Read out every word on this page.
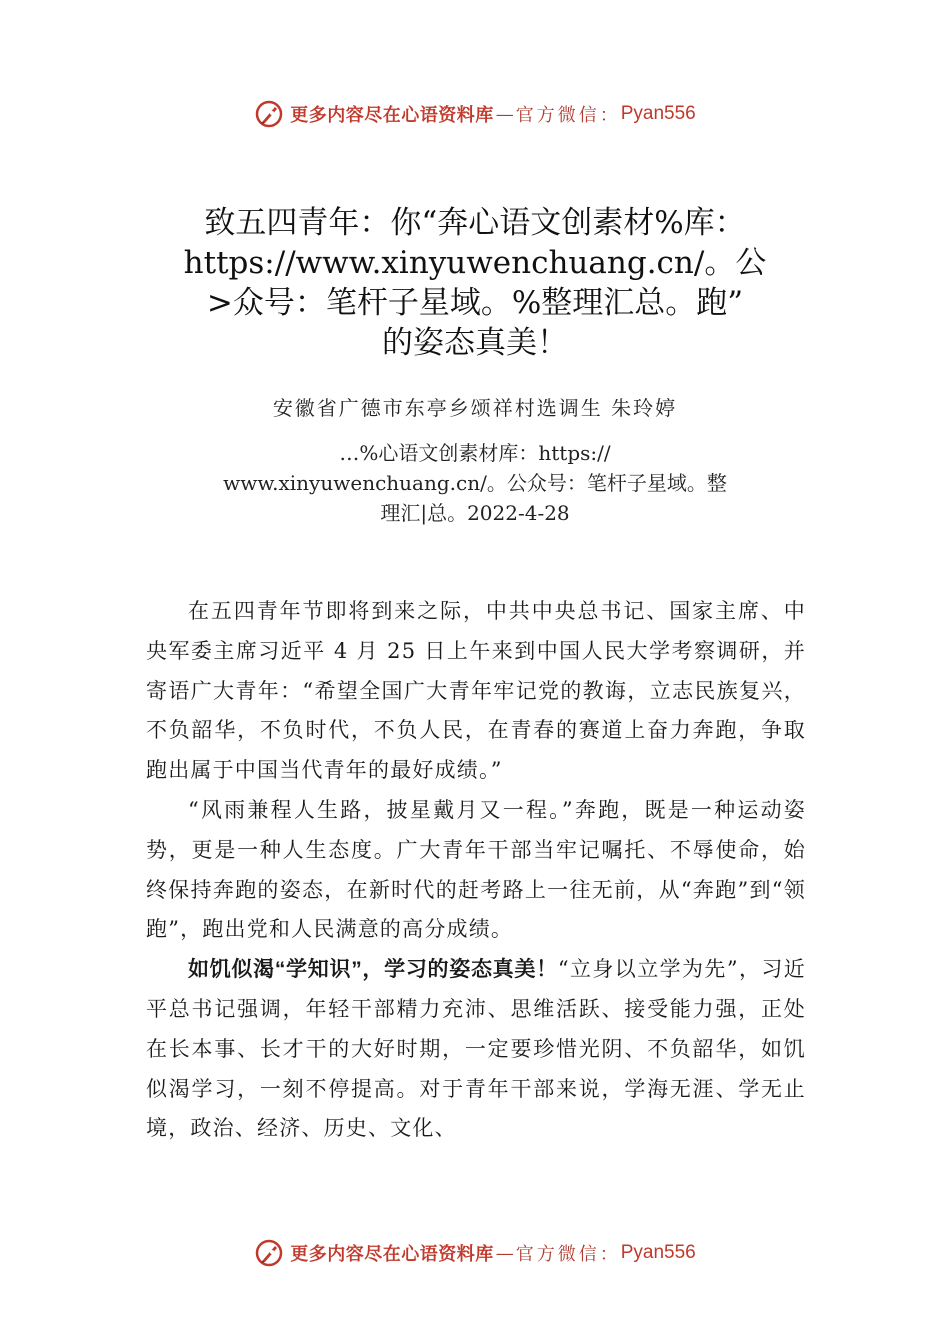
更多内容尽在心语资料库 — 官方微信： Pyan556
致五四青年：你“奔心语文创素材%库：
https://www.xinyuwenchuang.cn/。公
>众号：笔杆子星域。%整理汇总。跑”
的姿态真美！
安徽省广德市东亭乡颂祥村选调生 朱玲婷
…%心语文创素材库：https://
www.xinyuwenchuang.cn/。公众号：笔杆子星域。整
理汇|总。2022-4-28

在五四青年节即将到来之际，中共中央总书记、国家主席、中央军委主席习近平 4 月 25 日上午来到中国人民大学考察调研，并寄语广大青年：“希望全国广大青年牢记党的教诲，立志民族复兴，不负韶华，不负时代，不负人民，在青春的赛道上奋力奔跑，争取跑出属于中国当代青年的最好成绩。”

“风雨兼程人生路，披星戴月又一程。”奔跑，既是一种运动姿势，更是一种人生态度。广大青年干部当牢记嘱托、不辱使命，始终保持奔跑的姿态，在新时代的赶考路上一往无前，从“奔跑”到“领跑”，跑出党和人民满意的高分成绩。

如饥似渴“学知识”，学习的姿态真美！“立身以立学为先”，习近平总书记强调，年轻干部精力充沛、思维活跃、接受能力强，正处在长本事、长才干的大好时期，一定要珍惜光阴、不负韶华，如饥似渴学习，一刻不停提高。对于青年干部来说，学海无涯、学无止境，政治、经济、历史、文化、

更多内容尽在心语资料库 — 官方微信： Pyan556
